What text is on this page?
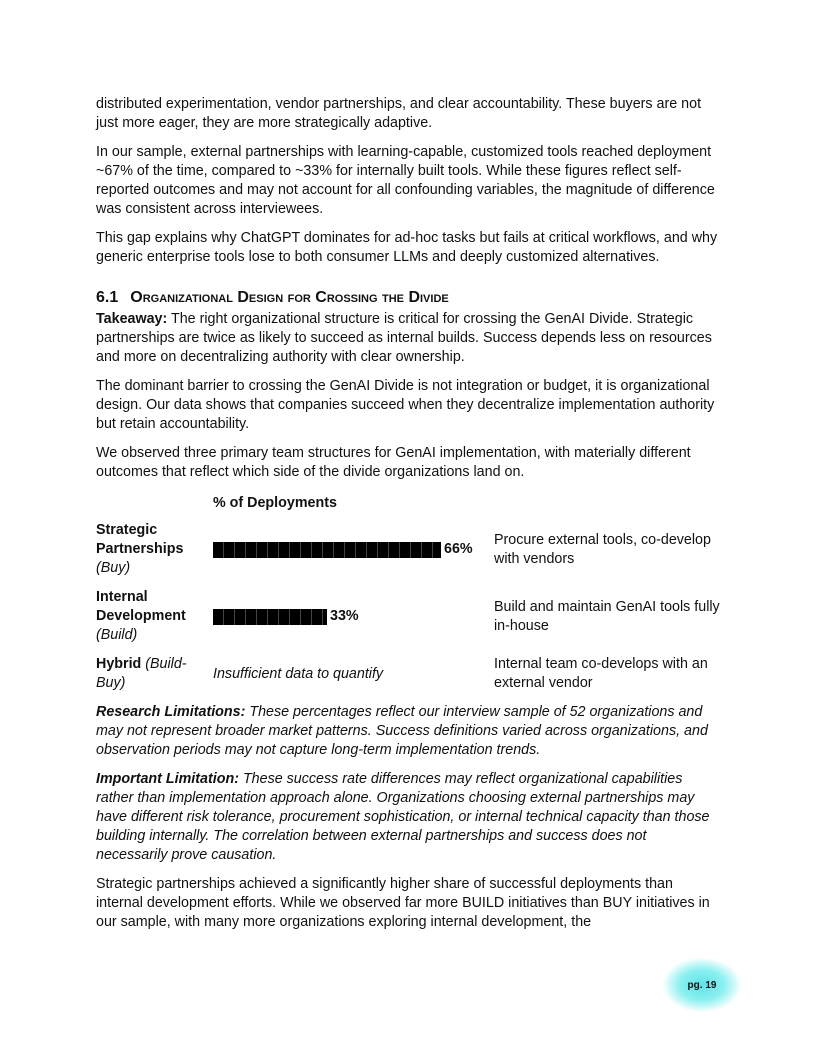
distributed experimentation, vendor partnerships, and clear accountability. These buyers are not just more eager, they are more strategically adaptive.

In our sample, external partnerships with learning-capable, customized tools reached deployment ~67% of the time, compared to ~33% for internally built tools. While these figures reflect self-reported outcomes and may not account for all confounding variables, the magnitude of difference was consistent across interviewees.

This gap explains why ChatGPT dominates for ad-hoc tasks but fails at critical workflows, and why generic enterprise tools lose to both consumer LLMs and deeply customized alternatives.

6.1 Organizational Design for Crossing the Divide

Takeaway: The right organizational structure is critical for crossing the GenAI Divide. Strategic partnerships are twice as likely to succeed as internal builds. Success depends less on resources and more on decentralizing authority with clear ownership.

The dominant barrier to crossing the GenAI Divide is not integration or budget, it is organizational design. Our data shows that companies succeed when they decentralize implementation authority but retain accountability.

We observed three primary team structures for GenAI implementation, with materially different outcomes that reflect which side of the divide organizations land on.

% of Deployments
Strategic Partnerships
(Buy)
66%
Procure external tools, co-develop with vendors
Internal Development
(Build)
33%
Build and maintain GenAI tools fully in-house
Hybrid (Build-Buy)
Insufficient data to quantify
Internal team co-develops with an external vendor

Research Limitations: These percentages reflect our interview sample of 52 organizations and may not represent broader market patterns. Success definitions varied across organizations, and observation periods may not capture long-term implementation trends.

Important Limitation: These success rate differences may reflect organizational capabilities rather than implementation approach alone. Organizations choosing external partnerships may have different risk tolerance, procurement sophistication, or internal technical capacity than those building internally. The correlation between external partnerships and success does not necessarily prove causation.

Strategic partnerships achieved a significantly higher share of successful deployments than internal development efforts. While we observed far more BUILD initiatives than BUY initiatives in our sample, with many more organizations exploring internal development, the

pg. 19
